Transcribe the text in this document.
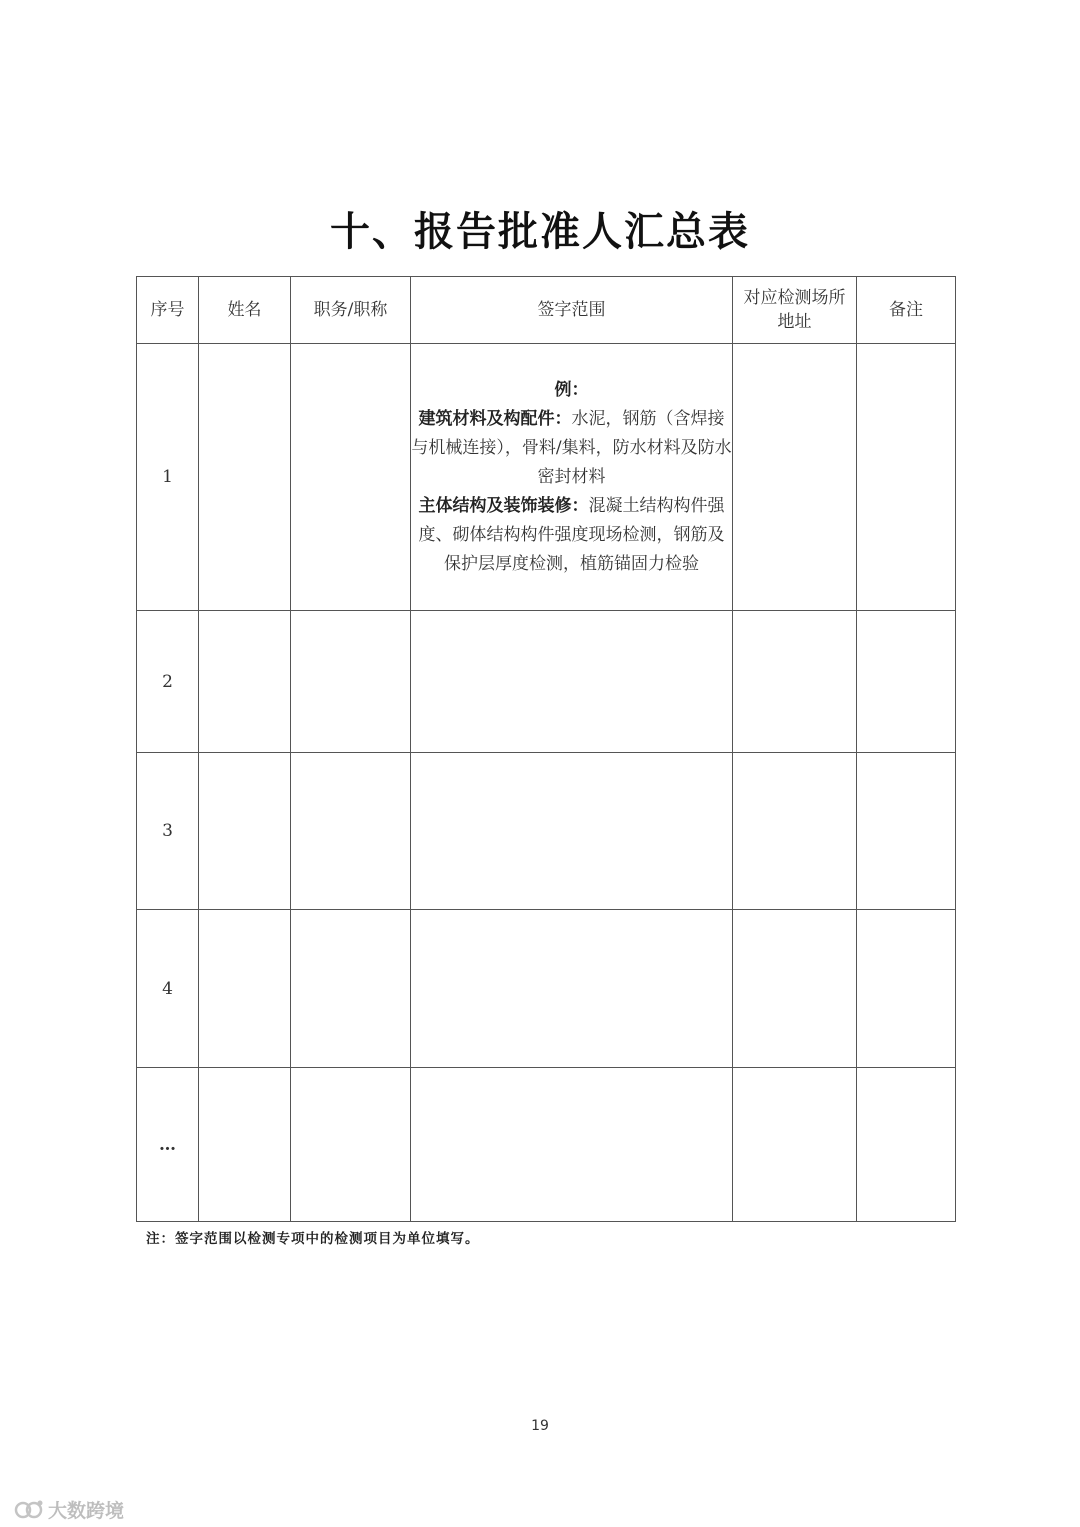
十、报告批准人汇总表
序号	姓名	职务/职称	签字范围	对应检测场所地址	备注
1			例：
建筑材料及构配件：水泥，钢筋（含焊接与机械连接），骨料/集料，防水材料及防水密封材料
主体结构及装饰装修：混凝土结构构件强度、砌体结构构件强度现场检测，钢筋及保护层厚度检测，植筋锚固力检验		

2					
3					
4					
…					
注：签字范围以检测专项中的检测项目为单位填写。
19
大数跨境
